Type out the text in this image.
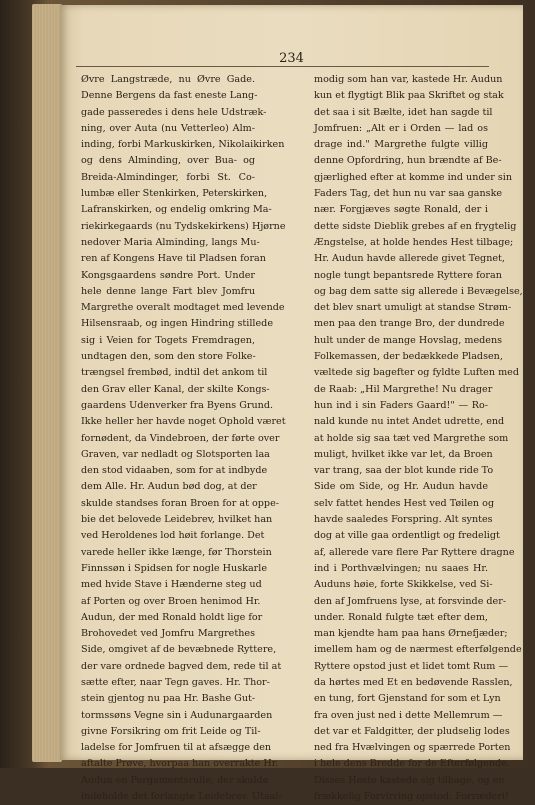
234
Øvre Langstræde, nu Øvre Gade.
Denne Bergens da fast eneste Lang-
gade passeredes i dens hele Udstræk-
ning, over Auta (nu Vetterleo) Alm-
inding, forbi Markuskirken, Nikolaikirken
og dens Alminding, over Bua- og
Breida-Almindinger, forbi St. Co-
lumbæ eller Stenkirken, Peterskirken,
Lafranskirken, og endelig omkring Ma-
riekirkegaards (nu Tydskekirkens) Hjørne
nedover Maria Alminding, langs Mu-
ren af Kongens Have til Pladsen foran
Kongsgaardens søndre Port. Under
hele denne lange Fart blev Jomfru
Margrethe overalt modtaget med levende
Hilsensraab, og ingen Hindring stillede
sig i Veien for Togets Fremdragen,
undtagen den, som den store Folke-
trængsel frembød, indtil det ankom til
den Grav eller Kanal, der skilte Kongs-
gaardens Udenverker fra Byens Grund.
Ikke heller her havde noget Ophold været
fornødent, da Vindebroen, der førte over
Graven, var nedladt og Slotsporten laa
den stod vidaaben, som for at indbyde
dem Alle. Hr. Audun bød dog, at der
skulde standses foran Broen for at oppe-
bie det belovede Leidebrev, hvilket han
ved Heroldenes lod høit forlange. Det
varede heller ikke længe, før Thorstein
Finnssøn i Spidsen for nogle Huskarle
med hvide Stave i Hænderne steg ud
af Porten og over Broen henimod Hr.
Audun, der med Ronald holdt lige for
Brohovedet ved Jomfru Margrethes
Side, omgivet af de bevæbnede Ryttere,
der vare ordnede bagved dem, rede til at
sætte efter, naar Tegn gaves. Hr. Thor-
stein gjentog nu paa Hr. Bashe Gut-
tormssøns Vegne sin i Audunargaarden
givne Forsikring om frit Leide og Til-
ladelse for Jomfruen til at afsægge den
aftalte Prøve, hvorpaa han overrakte Hr.
Audun en Pergamentsrulle, der skulde
indeholde det forlangte Leidebrev. Utaal-
modig som han var, kastede Hr. Audun
kun et flygtigt Blik paa Skriftet og stak
det saa i sit Bælte, idet han sagde til
Jomfruen: „Alt er i Orden — lad os
drage ind." Margrethe fulgte villig
denne Opfordring, hun brændte af Be-
gjærlighed efter at komme ind under sin
Faders Tag, det hun nu var saa ganske
nær. Forgjæves søgte Ronald, der i
dette sidste Dieblik grebes af en frygtelig
Ængstelse, at holde hendes Hest tilbage;
Hr. Audun havde allerede givet Tegnet,
nogle tungt bepantsrede Ryttere foran
og bag dem satte sig allerede i Bevægelse,
det blev snart umuligt at standse Strøm-
men paa den trange Bro, der dundrede
hult under de mange Hovslag, medens
Folkemassen, der bedækkede Pladsen,
væltede sig bagefter og fyldte Luften med
de Raab: „Hil Margrethe! Nu drager
hun ind i sin Faders Gaard!" — Ro-
nald kunde nu intet Andet udrette, end
at holde sig saa tæt ved Margrethe som
muligt, hvilket ikke var let, da Broen
var trang, saa der blot kunde ride To
Side om Side, og Hr. Audun havde
selv fattet hendes Hest ved Tøilen og
havde saaledes Forspring. Alt syntes
dog at ville gaa ordentligt og fredeligt
af, allerede vare flere Par Ryttere dragne
ind i Porthvælvingen; nu saaes Hr.
Auduns høie, forte Skikkelse, ved Si-
den af Jomfruens lyse, at forsvinde der-
under. Ronald fulgte tæt efter dem,
man kjendte ham paa hans Ørnefjæder;
imellem ham og de nærmest efterfølgende
Ryttere opstod just et lidet tomt Rum —
da hørtes med Et en bedøvende Rasslen,
en tung, fort Gjenstand for som et Lyn
fra oven just ned i dette Mellemrum —
det var et Faldgitter, der pludselig lodes
ned fra Hvælvingen og spærrede Porten
i hele dens Bredde for de Efterfølgende.
Disses Heste kastede sig tilbage, og en
frækkelig Forvirring opstod: Forræderi!
